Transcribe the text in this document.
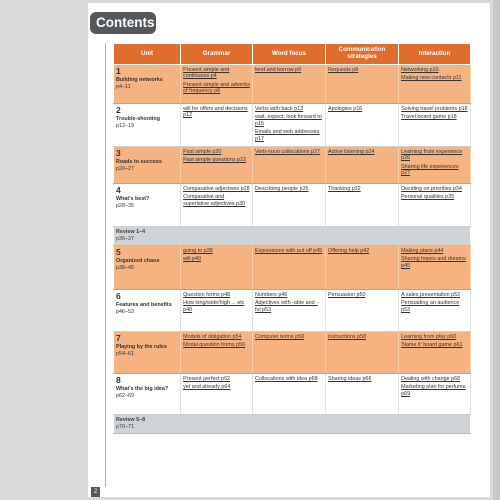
Contents
Unit	Grammar	Word focus	Communication strategies	Interaction

1
Building networks
p4–11	Present simple and continuous p4
Present simple and adverbs of frequency p6	lend and borrow p9	Requests p8	Networking p10
Making new contacts p11

2
Trouble-shooting
p12–19	will for offers and decisions p12	Verbs with back p13
wait, expect, look forward to p15
Emails and web addresses p17	Apologies p16	Solving travel problems p18
Travel board game p18

3
Roads to success
p20–27	Past simple p20
Past simple questions p22	Verb-noun collocations p27	Active listening p24	Learning from experience p26
Sharing life experiences p27

4
What's best?
p28–35	Comparative adjectives p28
Comparative and superlative adjectives p30	Describing people p35	Thanking p32	Deciding on priorities p34
Personal qualities p35

Review 1–4
p36–37				

5
Organized chaos
p38–45	going to p38
will p40	Expressions with put off p45	Offering help p42	Making plans p44
Sharing hopes and dreams p45

6
Features and benefits
p46–53	Question forms p48
How long/wide/high ... etc p48	Numbers p46
Adjectives with -able and -ful p53	Persuasion p50	A sales presentation p52
Persuading an audience p53

7
Playing by the rules
p54–61	Models of obligation p54
Modal question forms p56	Computer terms p59	Instructions p58	Learning from play p60
'Name it' board game p61

8
What's the big idea?
p62–69	Present perfect p62
yet and already p64	Collocations with idea p68	Sharing ideas p66	Dealing with change p68
Marketing plan for perfume p69

Review 5–8
p70–71				
2
